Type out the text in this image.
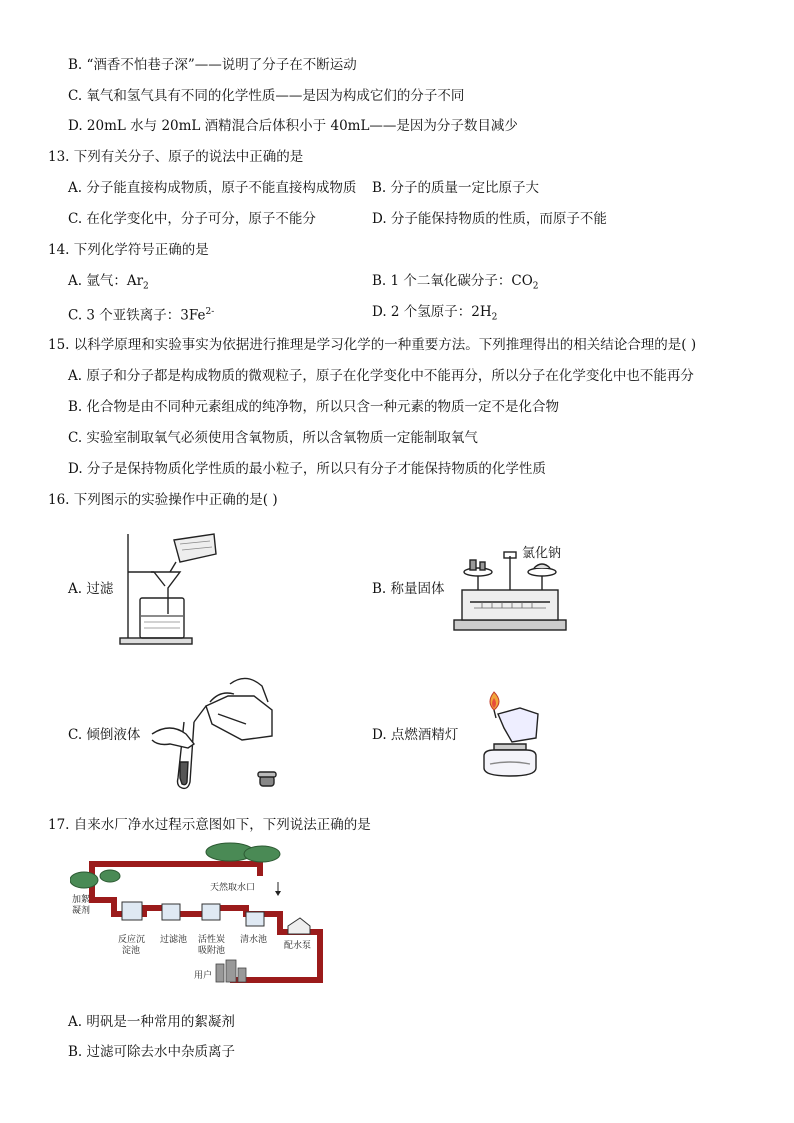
B. “酒香不怕巷子深”——说明了分子在不断运动
C. 氧气和氢气具有不同的化学性质——是因为构成它们的分子不同
D. 20mL 水与 20mL 酒精混合后体积小于 40mL——是因为分子数目减少
13. 下列有关分子、原子的说法中正确的是
A. 分子能直接构成物质，原子不能直接构成物质 B. 分子的质量一定比原子大
C. 在化学变化中，分子可分，原子不能分	D. 分子能保持物质的性质，而原子不能
14. 下列化学符号正确的是
A. 氩气：$Ar_2$	B. 1 个二氧化碳分子：$CO_2$
C. 3 个亚铁离子：$3Fe^{2-}$	D. 2 个氢原子：$2H_2$
15. 以科学原理和实验事实为依据进行推理是学习化学的一种重要方法。下列推理得出的相关结论合理的是( )
A. 原子和分子都是构成物质的微观粒子，原子在化学变化中不能再分，所以分子在化学变化中也不能再分
B. 化合物是由不同种元素组成的纯净物，所以只含一种元素的物质一定不是化合物
C. 实验室制取氧气必须使用含氧物质，所以含氧物质一定能制取氧气
D. 分子是保持物质化学性质的最小粒子，所以只有分子才能保持物质的化学性质
16. 下列图示的实验操作中正确的是( )
A. 过滤	B. 称量固体
氯化钠
C. 倾倒液体	D. 点燃酒精灯
17. 自来水厂净水过程示意图如下，下列说法正确的是
天然取水口
加絮
凝剂
反应沉
淀池
过滤池 活性炭
吸附池
清水池
配水泵
用户
A. 明矾是一种常用的絮凝剂
B. 过滤可除去水中杂质离子
